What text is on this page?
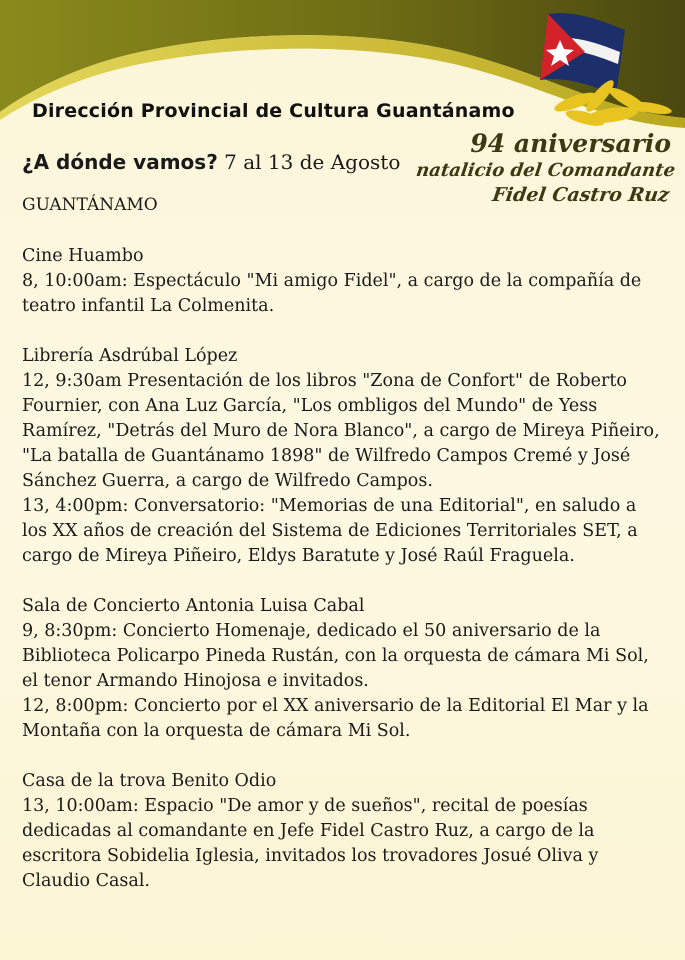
Dirección Provincial de Cultura Guantánamo
94 aniversario

natalicio del Comandante
Fidel Castro Ruz
¿A dónde vamos? 7 al 13 de Agosto
GUANTÁNAMO

Cine Huambo

8, 10:00am: Espectáculo "Mi amigo Fidel", a cargo de la compañía de teatro infantil La Colmenita.

Librería Asdrúbal López

12, 9:30am Presentación de los libros "Zona de Confort" de Roberto Fournier, con Ana Luz García, "Los ombligos del Mundo" de Yess Ramírez, "Detrás del Muro de Nora Blanco", a cargo de Mireya Piñeiro, "La batalla de Guantánamo 1898" de Wilfredo Campos Cremé y José Sánchez Guerra, a cargo de Wilfredo Campos.

13, 4:00pm: Conversatorio: "Memorias de una Editorial", en saludo a los XX años de creación del Sistema de Ediciones Territoriales SET, a cargo de Mireya Piñeiro, Eldys Baratute y José Raúl Fraguela.

Sala de Concierto Antonia Luisa Cabal

9, 8:30pm: Concierto Homenaje, dedicado el 50 aniversario de la Biblioteca Policarpo Pineda Rustán, con la orquesta de cámara Mi Sol, el tenor Armando Hinojosa e invitados.

12, 8:00pm: Concierto por el XX aniversario de la Editorial El Mar y la Montaña con la orquesta de cámara Mi Sol.

Casa de la trova Benito Odio

13, 10:00am: Espacio "De amor y de sueños", recital de poesías dedicadas al comandante en Jefe Fidel Castro Ruz, a cargo de la escritora Sobidelia Iglesia, invitados los trovadores Josué Oliva y Claudio Casal.
